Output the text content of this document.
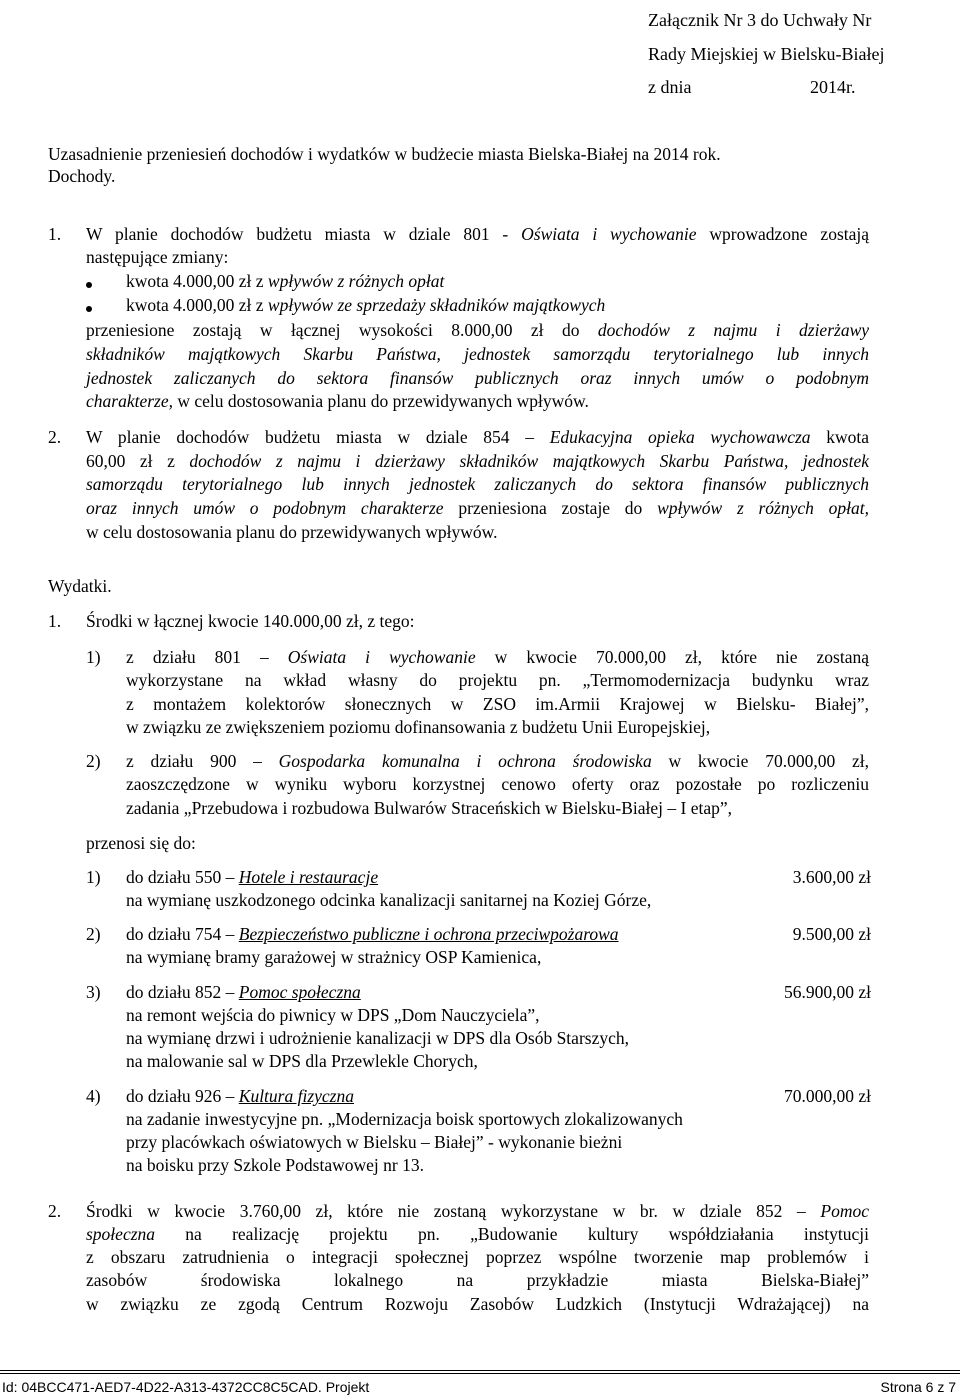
Załącznik Nr 3 do Uchwały Nr
Rady Miejskiej w Bielsku-Białej
z dnia	2014r.
Uzasadnienie przeniesień dochodów i wydatków w budżecie miasta Bielska-Białej na 2014 rok.
Dochody.
1. W planie dochodów budżetu miasta w dziale 801 - Oświata i wychowanie wprowadzone zostają
następujące zmiany:
kwota 4.000,00 zł z wpływów z różnych opłat
kwota 4.000,00 zł z wpływów ze sprzedaży składników majątkowych
przeniesione zostają w łącznej wysokości 8.000,00 zł do dochodów z najmu i dzierżawy
składników majątkowych Skarbu Państwa, jednostek samorządu terytorialnego lub innych
jednostek zaliczanych do sektora finansów publicznych oraz innych umów o podobnym
charakterze, w celu dostosowania planu do przewidywanych wpływów.
2. W planie dochodów budżetu miasta w dziale 854 – Edukacyjna opieka wychowawcza kwota
60,00 zł z dochodów z najmu i dzierżawy składników majątkowych Skarbu Państwa, jednostek
samorządu terytorialnego lub innych jednostek zaliczanych do sektora finansów publicznych
oraz innych umów o podobnym charakterze przeniesiona zostaje do wpływów z różnych opłat,
w celu dostosowania planu do przewidywanych wpływów.
Wydatki.
1. Środki w łącznej kwocie 140.000,00 zł, z tego:
1) z działu 801 – Oświata i wychowanie w kwocie 70.000,00 zł, które nie zostaną
wykorzystane na wkład własny do projektu pn. „Termomodernizacja budynku wraz
z montażem kolektorów słonecznych w ZSO im.Armii Krajowej w Bielsku- Białej”,
w związku ze zwiększeniem poziomu dofinansowania z budżetu Unii Europejskiej,
2) z działu 900 – Gospodarka komunalna i ochrona środowiska w kwocie 70.000,00 zł,
zaoszczędzone w wyniku wyboru korzystnej cenowo oferty oraz pozostałe po rozliczeniu
zadania „Przebudowa i rozbudowa Bulwarów Straceńskich w Bielsku-Białej – I etap”,
przenosi się do:
1) do działu 550 – Hotele i restauracje	3.600,00 zł
na wymianę uszkodzonego odcinka kanalizacji sanitarnej na Koziej Górze,
2) do działu 754 – Bezpieczeństwo publiczne i ochrona przeciwpożarowa	9.500,00 zł
na wymianę bramy garażowej w strażnicy OSP Kamienica,
3) do działu 852 – Pomoc społeczna	56.900,00 zł
na remont wejścia do piwnicy w DPS „Dom Nauczyciela”,
na wymianę drzwi i udrożnienie kanalizacji w DPS dla Osób Starszych,
na malowanie sal w DPS dla Przewlekle Chorych,
4) do działu 926 – Kultura fizyczna	70.000,00 zł
na zadanie inwestycyjne pn. „Modernizacja boisk sportowych zlokalizowanych
przy placówkach oświatowych w Bielsku – Białej” - wykonanie bieżni
na boisku przy Szkole Podstawowej nr 13.
2. Środki w kwocie 3.760,00 zł, które nie zostaną wykorzystane w br. w dziale 852 – Pomoc
społeczna na realizację projektu pn. „Budowanie kultury współdziałania instytucji
z obszaru zatrudnienia o integracji społecznej poprzez wspólne tworzenie map problemów i
zasobów środowiska lokalnego na przykładzie miasta Bielska-Białej”
w związku ze zgodą Centrum Rozwoju Zasobów Ludzkich (Instytucji Wdrażającej) na
Id: 04BCC471-AED7-4D22-A313-4372CC8C5CAD. Projekt	Strona 6 z 7
